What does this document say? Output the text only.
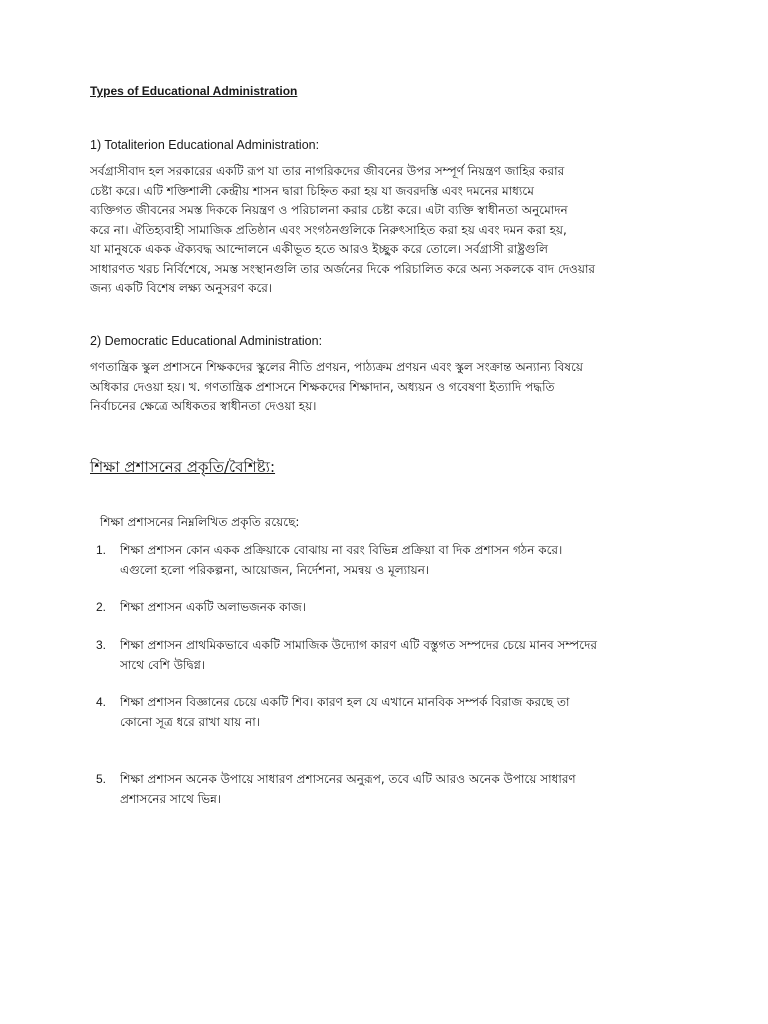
Types of Educational Administration
1) Totaliterion Educational Administration:
সর্বগ্রাসীবাদ হল সরকারের একটি রূপ যা তার নাগরিকদের জীবনের উপর সম্পূর্ণ নিয়ন্ত্রণ জাহির করার
চেষ্টা করে। এটি শক্তিশালী কেন্দ্রীয় শাসন দ্বারা চিহ্নিত করা হয় যা জবরদস্তি এবং দমনের মাধ্যমে
ব্যক্তিগত জীবনের সমস্ত দিককে নিয়ন্ত্রণ ও পরিচালনা করার চেষ্টা করে। এটা ব্যক্তি স্বাধীনতা অনুমোদন
করে না। ঐতিহ্যবাহী সামাজিক প্রতিষ্ঠান এবং সংগঠনগুলিকে নিরুৎসাহিত করা হয় এবং দমন করা হয়,
যা মানুষকে একক ঐক্যবদ্ধ আন্দোলনে একীভূত হতে আরও ইচ্ছুক করে তোলে। সর্বগ্রাসী রাষ্ট্রগুলি
সাধারণত খরচ নির্বিশেষে, সমস্ত সংস্থানগুলি তার অর্জনের দিকে পরিচালিত করে অন্য সকলকে বাদ দেওয়ার
জন্য একটি বিশেষ লক্ষ্য অনুসরণ করে।
2) Democratic Educational Administration:
গণতান্ত্রিক স্কুল প্রশাসনে শিক্ষকদের স্কুলের নীতি প্রণয়ন, পাঠ্যক্রম প্রণয়ন এবং স্কুল সংক্রান্ত অন্যান্য বিষয়ে
অধিকার দেওয়া হয়। খ. গণতান্ত্রিক প্রশাসনে শিক্ষকদের শিক্ষাদান, অধ্যয়ন ও গবেষণা ইত্যাদি পদ্ধতি
নির্বাচনের ক্ষেত্রে অধিকতর স্বাধীনতা দেওয়া হয়।
শিক্ষা প্রশাসনের প্রকৃতি/বৈশিষ্ট্য:
শিক্ষা প্রশাসনের নিম্নলিখিত প্রকৃতি রয়েছে:
1. শিক্ষা প্রশাসন কোন একক প্রক্রিয়াকে বোঝায় না বরং বিভিন্ন প্রক্রিয়া বা দিক প্রশাসন গঠন করে।
এগুলো হলো পরিকল্পনা, আয়োজন, নির্দেশনা, সমন্বয় ও মূল্যায়ন।
2. শিক্ষা প্রশাসন একটি অলাভজনক কাজ।
3. শিক্ষা প্রশাসন প্রাথমিকভাবে একটি সামাজিক উদ্যোগ কারণ এটি বস্তুগত সম্পদের চেয়ে মানব সম্পদের
সাথে বেশি উদ্বিগ্ন।
4. শিক্ষা প্রশাসন বিজ্ঞানের চেয়ে একটি শিব। কারণ হল যে এখানে মানবিক সম্পর্ক বিরাজ করছে তা
কোনো সূত্র ধরে রাখা যায় না।
5. শিক্ষা প্রশাসন অনেক উপায়ে সাধারণ প্রশাসনের অনুরূপ, তবে এটি আরও অনেক উপায়ে সাধারণ
প্রশাসনের সাথে ভিন্ন।
